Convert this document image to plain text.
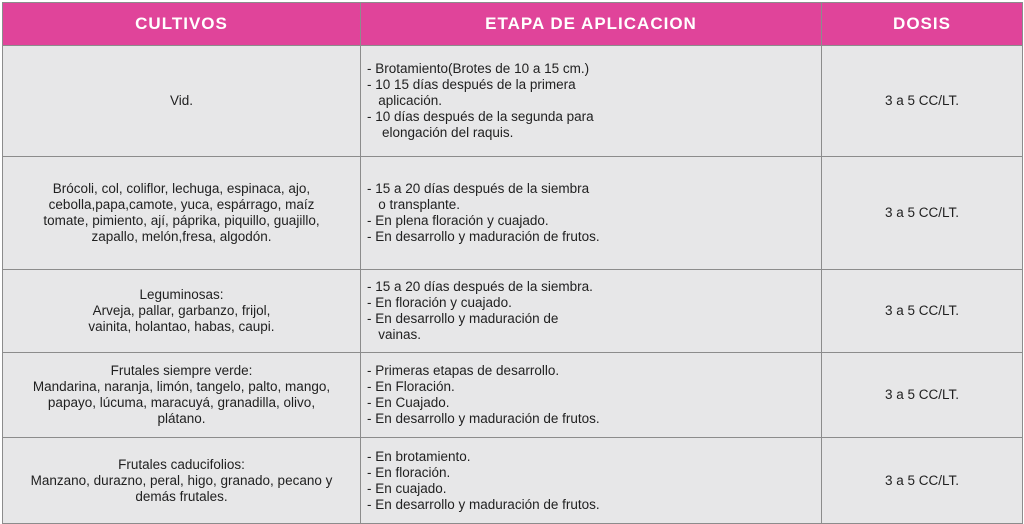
CULTIVOS	ETAPA DE APLICACION	DOSIS

Vid.	- Brotamiento(Brotes de 10 a 15 cm.)
- 10 15 días después de la primera
aplicación.
- 10 días después de la segunda para
elongación del raquis.	3 a 5 CC/LT.

Brócoli, col, coliflor, lechuga, espinaca, ajo,
cebolla,papa,camote, yuca, espárrago, maíz
tomate, pimiento, ají, páprika, piquillo, guajillo,
zapallo, melón,fresa, algodón.	- 15 a 20 días después de la siembra
o transplante.
- En plena floración y cuajado.
- En desarrollo y maduración de frutos.	3 a 5 CC/LT.

Leguminosas:
Arveja, pallar, garbanzo, frijol,
vainita, holantao, habas, caupi.	- 15 a 20 días después de la siembra.
- En floración y cuajado.
- En desarrollo y maduración de
vainas.	3 a 5 CC/LT.

Frutales siempre verde:
Mandarina, naranja, limón, tangelo, palto, mango,
papayo, lúcuma, maracuyá, granadilla, olivo,
plátano.	- Primeras etapas de desarrollo.
- En Floración.
- En Cuajado.
- En desarrollo y maduración de frutos.	3 a 5 CC/LT.

Frutales caducifolios:
Manzano, durazno, peral, higo, granado, pecano y
demás frutales.	- En brotamiento.
- En floración.
- En cuajado.
- En desarrollo y maduración de frutos.	3 a 5 CC/LT.
